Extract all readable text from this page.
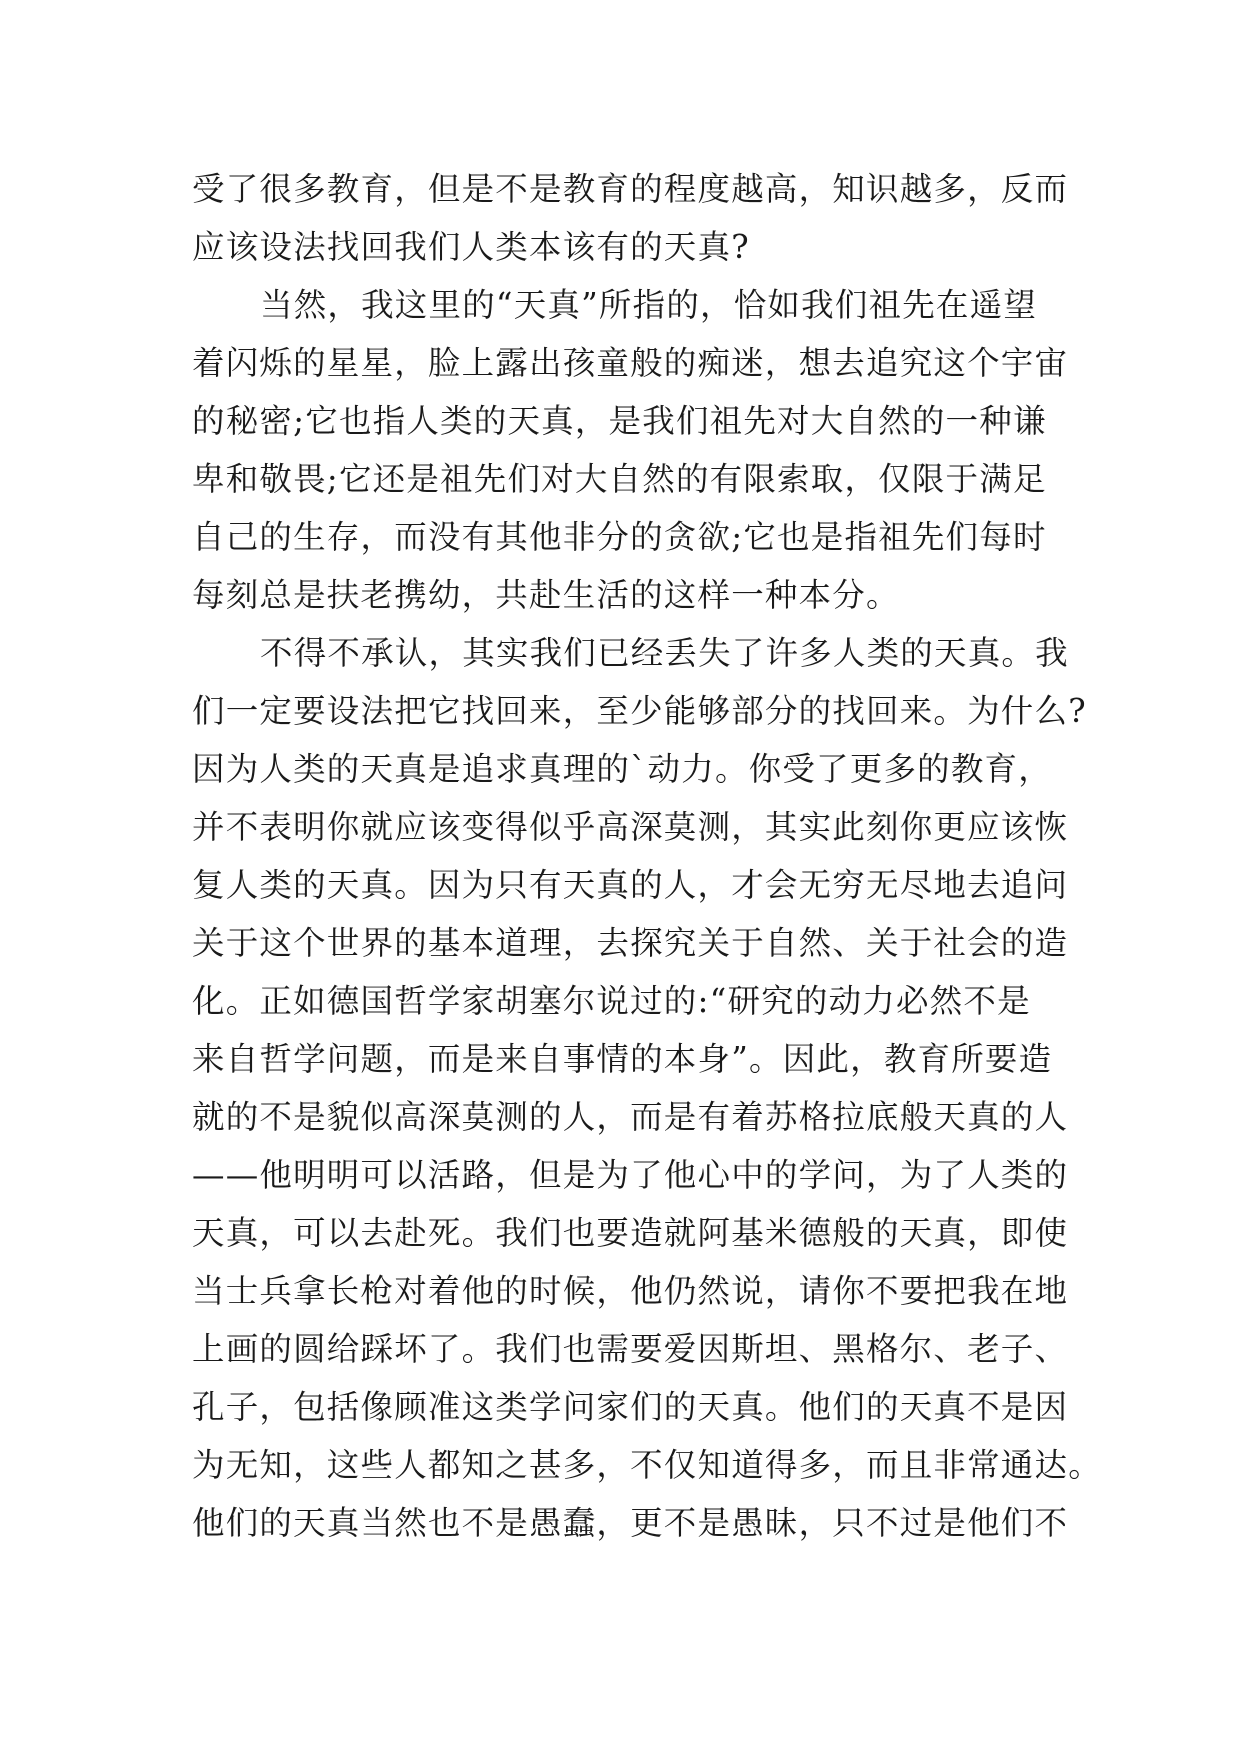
受了很多教育，但是不是教育的程度越高，知识越多，反而
应该设法找回我们人类本该有的天真?
当然，我这里的“天真”所指的，恰如我们祖先在遥望
着闪烁的星星，脸上露出孩童般的痴迷，想去追究这个宇宙
的秘密;它也指人类的天真，是我们祖先对大自然的一种谦
卑和敬畏;它还是祖先们对大自然的有限索取，仅限于满足
自己的生存，而没有其他非分的贪欲;它也是指祖先们每时
每刻总是扶老携幼，共赴生活的这样一种本分。
不得不承认，其实我们已经丢失了许多人类的天真。我
们一定要设法把它找回来，至少能够部分的找回来。为什么?
因为人类的天真是追求真理的`动力。你受了更多的教育，
并不表明你就应该变得似乎高深莫测，其实此刻你更应该恢
复人类的天真。因为只有天真的人，才会无穷无尽地去追问
关于这个世界的基本道理，去探究关于自然、关于社会的造
化。正如德国哲学家胡塞尔说过的:“研究的动力必然不是
来自哲学问题，而是来自事情的本身”。因此，教育所要造
就的不是貌似高深莫测的人，而是有着苏格拉底般天真的人
——他明明可以活路，但是为了他心中的学问，为了人类的
天真，可以去赴死。我们也要造就阿基米德般的天真，即使
当士兵拿长枪对着他的时候，他仍然说，请你不要把我在地
上画的圆给踩坏了。我们也需要爱因斯坦、黑格尔、老子、
孔子，包括像顾准这类学问家们的天真。他们的天真不是因
为无知，这些人都知之甚多，不仅知道得多，而且非常通达。
他们的天真当然也不是愚蠢，更不是愚昧，只不过是他们不
